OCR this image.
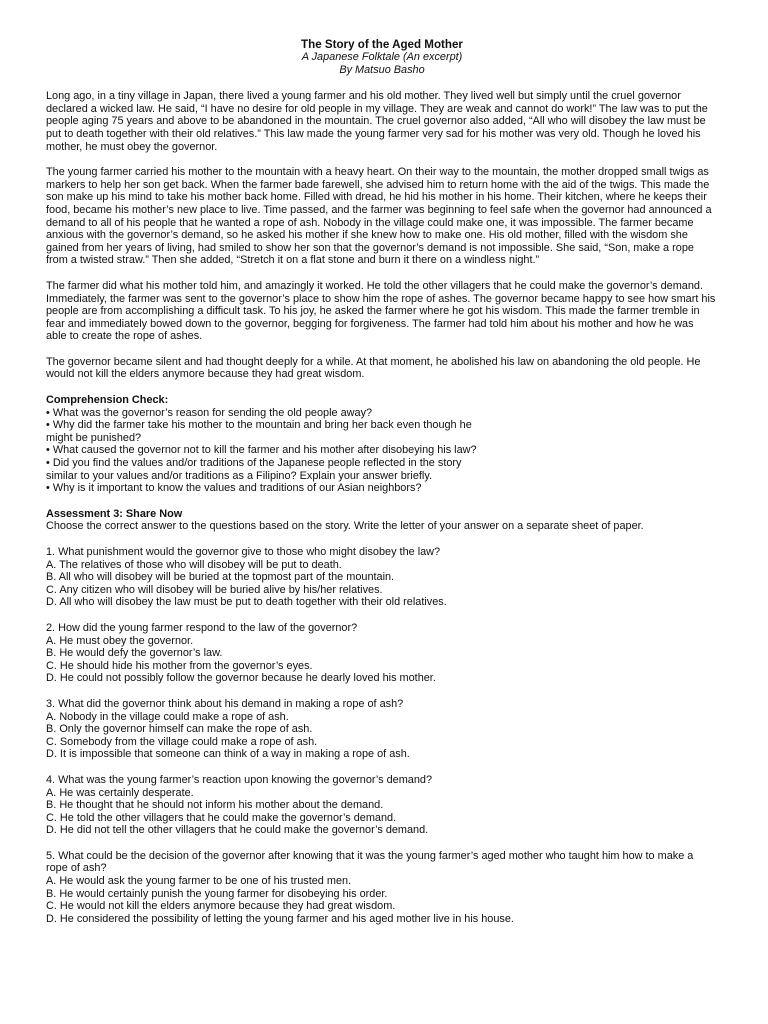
The Story of the Aged Mother
A Japanese Folktale (An excerpt)
By Matsuo Basho

Long ago, in a tiny village in Japan, there lived a young farmer and his old mother. They lived well but simply until the cruel governor declared a wicked law. He said, “I have no desire for old people in my village. They are weak and cannot do work!” The law was to put the people aging 75 years and above to be abandoned in the mountain. The cruel governor also added, “All who will disobey the law must be put to death together with their old relatives.” This law made the young farmer very sad for his mother was very old. Though he loved his mother, he must obey the governor.

The young farmer carried his mother to the mountain with a heavy heart. On their way to the mountain, the mother dropped small twigs as markers to help her son get back. When the farmer bade farewell, she advised him to return home with the aid of the twigs. This made the son make up his mind to take his mother back home. Filled with dread, he hid his mother in his home. Their kitchen, where he keeps their food, became his mother’s new place to live. Time passed, and the farmer was beginning to feel safe when the governor had announced a demand to all of his people that he wanted a rope of ash. Nobody in the village could make one, it was impossible. The farmer became anxious with the governor’s demand, so he asked his mother if she knew how to make one. His old mother, filled with the wisdom she gained from her years of living, had smiled to show her son that the governor’s demand is not impossible. She said, “Son, make a rope from a twisted straw.” Then she added, “Stretch it on a flat stone and burn it there on a windless night.”

The farmer did what his mother told him, and amazingly it worked. He told the other villagers that he could make the governor’s demand. Immediately, the farmer was sent to the governor’s place to show him the rope of ashes. The governor became happy to see how smart his people are from accomplishing a difficult task. To his joy, he asked the farmer where he got his wisdom. This made the farmer tremble in fear and immediately bowed down to the governor, begging for forgiveness. The farmer had told him about his mother and how he was

able to create the rope of ashes.

The governor became silent and had thought deeply for a while. At that moment, he abolished his law on abandoning the old people. He would not kill the elders anymore because they had great wisdom.

Comprehension Check:
• What was the governor’s reason for sending the old people away?
• Why did the farmer take his mother to the mountain and bring her back even though he
might be punished?
• What caused the governor not to kill the farmer and his mother after disobeying his law?
• Did you find the values and/or traditions of the Japanese people reflected in the story
similar to your values and/or traditions as a Filipino? Explain your answer briefly.
• Why is it important to know the values and traditions of our Asian neighbors?
Assessment 3: Share Now
Choose the correct answer to the questions based on the story. Write the letter of your answer on a separate sheet of paper.
1. What punishment would the governor give to those who might disobey the law?
A. The relatives of those who will disobey will be put to death.
B. All who will disobey will be buried at the topmost part of the mountain.
C. Any citizen who will disobey will be buried alive by his/her relatives.
D. All who will disobey the law must be put to death together with their old relatives.
2. How did the young farmer respond to the law of the governor?
A. He must obey the governor.
B. He would defy the governor’s law.
C. He should hide his mother from the governor’s eyes.
D. He could not possibly follow the governor because he dearly loved his mother.
3. What did the governor think about his demand in making a rope of ash?
A. Nobody in the village could make a rope of ash.
B. Only the governor himself can make the rope of ash.
C. Somebody from the village could make a rope of ash.
D. It is impossible that someone can think of a way in making a rope of ash.
4. What was the young farmer’s reaction upon knowing the governor’s demand?
A. He was certainly desperate.
B. He thought that he should not inform his mother about the demand.
C. He told the other villagers that he could make the governor’s demand.
D. He did not tell the other villagers that he could make the governor’s demand.
5. What could be the decision of the governor after knowing that it was the young farmer’s aged mother who taught him how to make a rope of ash?
A. He would ask the young farmer to be one of his trusted men.
B. He would certainly punish the young farmer for disobeying his order.
C. He would not kill the elders anymore because they had great wisdom.
D. He considered the possibility of letting the young farmer and his aged mother live in his house.
